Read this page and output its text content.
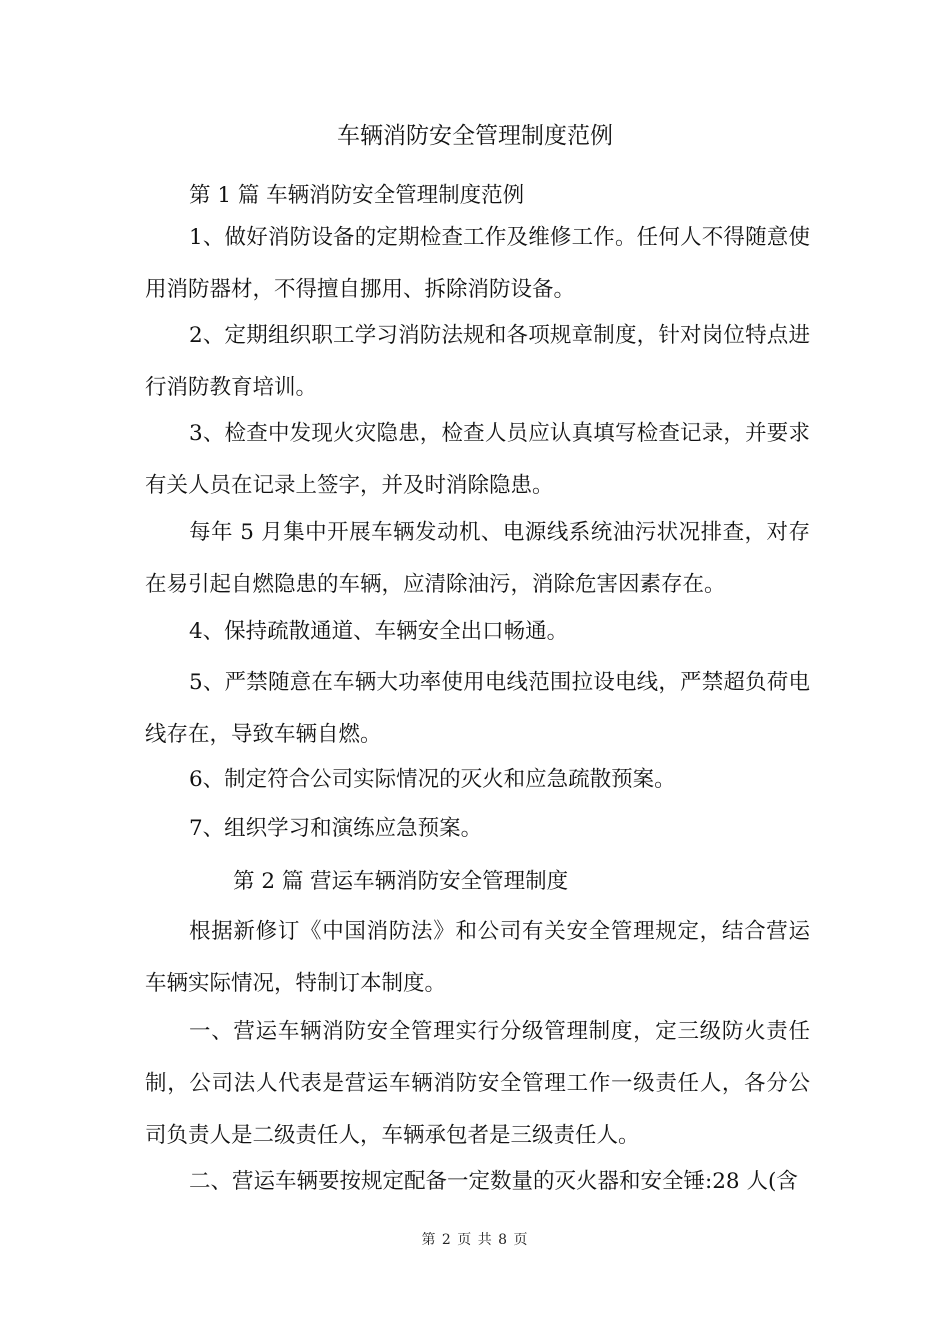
车辆消防安全管理制度范例

第 1 篇 车辆消防安全管理制度范例

1、做好消防设备的定期检查工作及维修工作。任何人不得随意使用消防器材，不得擅自挪用、拆除消防设备。

2、定期组织职工学习消防法规和各项规章制度，针对岗位特点进行消防教育培训。

3、检查中发现火灾隐患，检查人员应认真填写检查记录，并要求有关人员在记录上签字，并及时消除隐患。

每年 5 月集中开展车辆发动机、电源线系统油污状况排查，对存在易引起自燃隐患的车辆，应清除油污，消除危害因素存在。

4、保持疏散通道、车辆安全出口畅通。

5、严禁随意在车辆大功率使用电线范围拉设电线，严禁超负荷电线存在，导致车辆自燃。

6、制定符合公司实际情况的灭火和应急疏散预案。

7、组织学习和演练应急预案。

第 2 篇 营运车辆消防安全管理制度

根据新修订《中国消防法》和公司有关安全管理规定，结合营运车辆实际情况，特制订本制度。

一、营运车辆消防安全管理实行分级管理制度，定三级防火责任制，公司法人代表是营运车辆消防安全管理工作一级责任人，各分公司负责人是二级责任人，车辆承包者是三级责任人。

二、营运车辆要按规定配备一定数量的灭火器和安全锤:28 人(含

第 2 页 共 8 页
